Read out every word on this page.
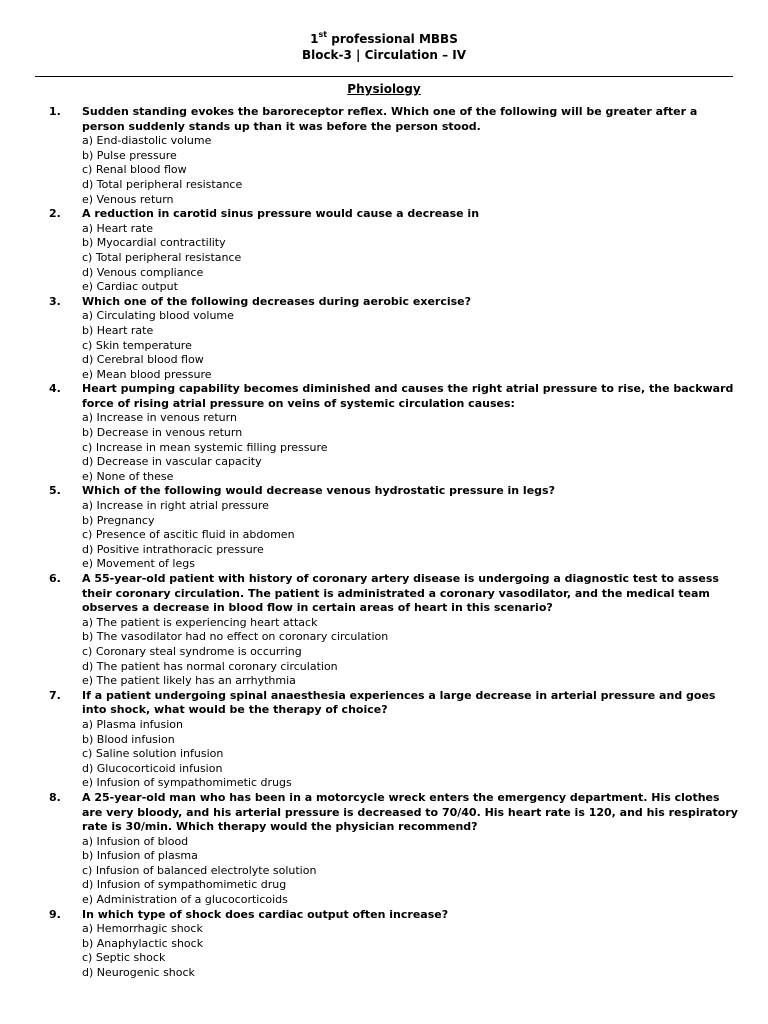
1st professional MBBS
Block-3 | Circulation – IV
Physiology
1. Sudden standing evokes the baroreceptor reflex. Which one of the following will be greater after a person suddenly stands up than it was before the person stood.
a) End-diastolic volume
b) Pulse pressure
c) Renal blood flow
d) Total peripheral resistance
e) Venous return
2. A reduction in carotid sinus pressure would cause a decrease in
a) Heart rate
b) Myocardial contractility
c) Total peripheral resistance
d) Venous compliance
e) Cardiac output
3. Which one of the following decreases during aerobic exercise?
a) Circulating blood volume
b) Heart rate
c) Skin temperature
d) Cerebral blood flow
e) Mean blood pressure
4. Heart pumping capability becomes diminished and causes the right atrial pressure to rise, the backward force of rising atrial pressure on veins of systemic circulation causes:
a) Increase in venous return
b) Decrease in venous return
c) Increase in mean systemic filling pressure
d) Decrease in vascular capacity
e) None of these
5. Which of the following would decrease venous hydrostatic pressure in legs?
a) Increase in right atrial pressure
b) Pregnancy
c) Presence of ascitic fluid in abdomen
d) Positive intrathoracic pressure
e) Movement of legs
6. A 55-year-old patient with history of coronary artery disease is undergoing a diagnostic test to assess their coronary circulation. The patient is administrated a coronary vasodilator, and the medical team observes a decrease in blood flow in certain areas of heart in this scenario?
a) The patient is experiencing heart attack
b) The vasodilator had no effect on coronary circulation
c) Coronary steal syndrome is occurring
d) The patient has normal coronary circulation
e) The patient likely has an arrhythmia
7. If a patient undergoing spinal anaesthesia experiences a large decrease in arterial pressure and goes into shock, what would be the therapy of choice?
a) Plasma infusion
b) Blood infusion
c) Saline solution infusion
d) Glucocorticoid infusion
e) Infusion of sympathomimetic drugs
8. A 25-year-old man who has been in a motorcycle wreck enters the emergency department. His clothes are very bloody, and his arterial pressure is decreased to 70/40. His heart rate is 120, and his respiratory rate is 30/min. Which therapy would the physician recommend?
a) Infusion of blood
b) Infusion of plasma
c) Infusion of balanced electrolyte solution
d) Infusion of sympathomimetic drug
e) Administration of a glucocorticoids
9. In which type of shock does cardiac output often increase?
a) Hemorrhagic shock
b) Anaphylactic shock
c) Septic shock
d) Neurogenic shock
